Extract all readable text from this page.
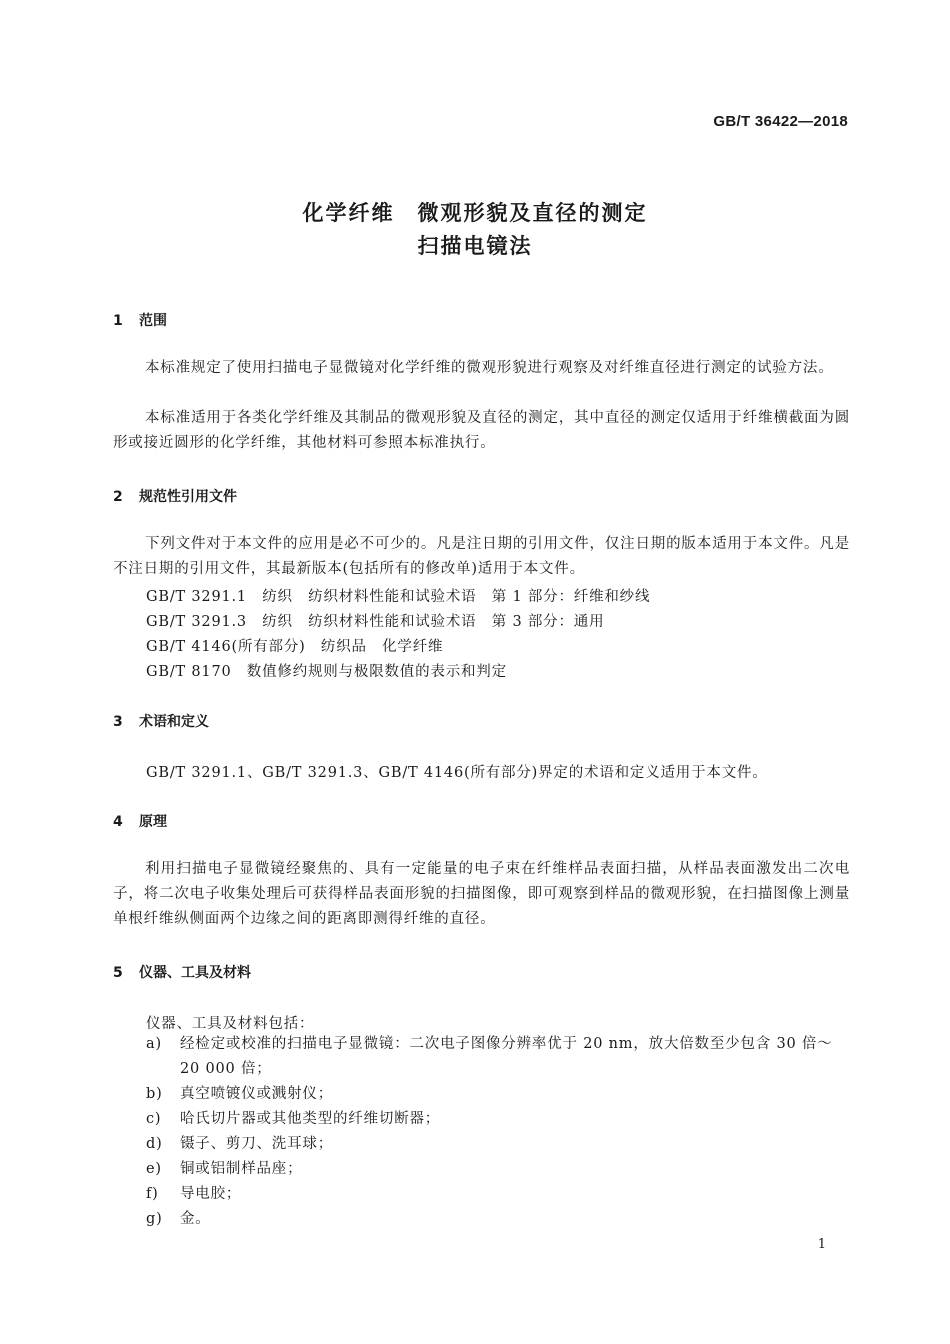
GB/T 36422—2018
化学纤维　微观形貌及直径的测定
扫描电镜法
1 范围
本标准规定了使用扫描电子显微镜对化学纤维的微观形貌进行观察及对纤维直径进行测定的试验方法。
本标准适用于各类化学纤维及其制品的微观形貌及直径的测定，其中直径的测定仅适用于纤维横截面为圆形或接近圆形的化学纤维，其他材料可参照本标准执行。
2 规范性引用文件
下列文件对于本文件的应用是必不可少的。凡是注日期的引用文件，仅注日期的版本适用于本文件。凡是不注日期的引用文件，其最新版本(包括所有的修改单)适用于本文件。
GB/T 3291.1　纺织　纺织材料性能和试验术语　第 1 部分：纤维和纱线
GB/T 3291.3　纺织　纺织材料性能和试验术语　第 3 部分：通用
GB/T 4146(所有部分)　纺织品　化学纤维
GB/T 8170　数值修约规则与极限数值的表示和判定
3 术语和定义
GB/T 3291.1、GB/T 3291.3、GB/T 4146(所有部分)界定的术语和定义适用于本文件。
4 原理
利用扫描电子显微镜经聚焦的、具有一定能量的电子束在纤维样品表面扫描，从样品表面激发出二次电子，将二次电子收集处理后可获得样品表面形貌的扫描图像，即可观察到样品的微观形貌，在扫描图像上测量单根纤维纵侧面两个边缘之间的距离即测得纤维的直径。
5 仪器、工具及材料
仪器、工具及材料包括：
a) 经检定或校准的扫描电子显微镜：二次电子图像分辨率优于 20 nm，放大倍数至少包含 30 倍～20 000 倍；
b) 真空喷镀仪或溅射仪；
c) 哈氏切片器或其他类型的纤维切断器；
d) 镊子、剪刀、洗耳球；
e) 铜或铝制样品座；
f) 导电胶；
g) 金。
1
